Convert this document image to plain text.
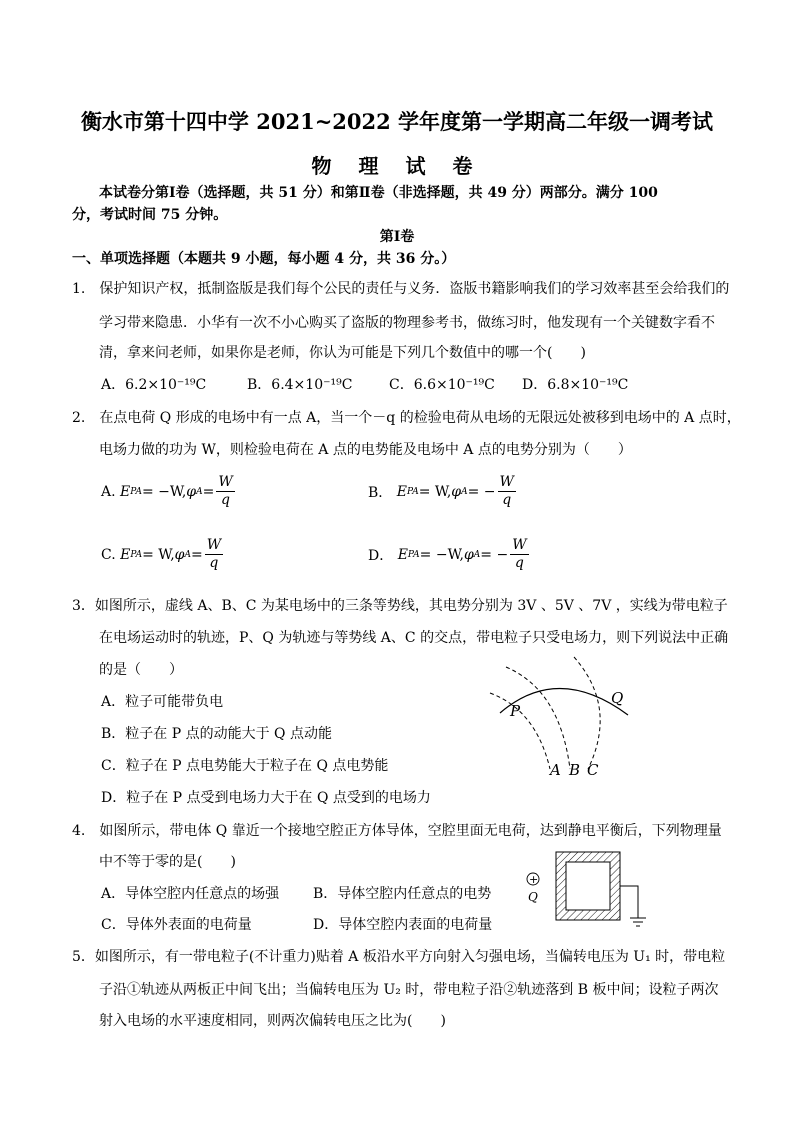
衡水市第十四中学 2021~2022 学年度第一学期高二年级一调考试
物 理 试 卷
本试卷分第Ⅰ卷（选择题，共 51 分）和第Ⅱ卷（非选择题，共 49 分）两部分。满分 100
分，考试时间 75 分钟。
第Ⅰ卷
一、单项选择题（本题共 9 小题，每小题 4 分，共 36 分。）
1.　保护知识产权，抵制盗版是我们每个公民的责任与义务．盗版书籍影响我们的学习效率甚至会给我们的
学习带来隐患．小华有一次不小心购买了盗版的物理参考书，做练习时，他发现有一个关键数字看不
清，拿来问老师，如果你是老师，你认为可能是下列几个数值中的哪一个(　　)
A．6.2×10⁻¹⁹C	B．6.4×10⁻¹⁹C	C．6.6×10⁻¹⁹C D．6.8×10⁻¹⁹C
2.　在点电荷 Q 形成的电场中有一点 A，当一个－q 的检验电荷从电场的无限远处被移到电场中的 A 点时，
电场力做的功为 W，则检验电荷在 A 点的电势能及电场中 A 点的电势分别为（　　）
A.
E PA = −W, φ $A = \frac{W}{q}$	B．
E PA = W, φ A = − $\frac{W}{q}$
C.
E PA = W, φ $A = \frac{W}{q}$	D．
E PA = −W, φ A = − $\frac{W}{q}$
3．如图所示，虚线 A、B、C 为某电场中的三条等势线，其电势分别为 3V 、5V 、7V ，实线为带电粒子
在电场运动时的轨迹，P、Q 为轨迹与等势线 A、C 的交点，带电粒子只受电场力，则下列说法中正确
的是（　　）
A．粒子可能带负电
B．粒子在 P 点的动能大于 Q 点动能
C．粒子在 P 点电势能大于粒子在 Q 点电势能
D．粒子在 P 点受到电场力大于在 Q 点受到的电场力
P
Q
A B C
4.　如图所示，带电体 Q 靠近一个接地空腔正方体导体，空腔里面无电荷，达到静电平衡后，下列物理量
中不等于零的是(　　)
A．导体空腔内任意点的场强 B．导体空腔内任意点的电势
C．导体外表面的电荷量	D．导体空腔内表面的电荷量
+
Q
5．如图所示，有一带电粒子(不计重力)贴着 A 板沿水平方向射入匀强电场，当偏转电压为 U₁ 时，带电粒
子沿①轨迹从两板正中间飞出；当偏转电压为 U₂ 时，带电粒子沿②轨迹落到 B 板中间；设粒子两次
射入电场的水平速度相同，则两次偏转电压之比为(　　)
